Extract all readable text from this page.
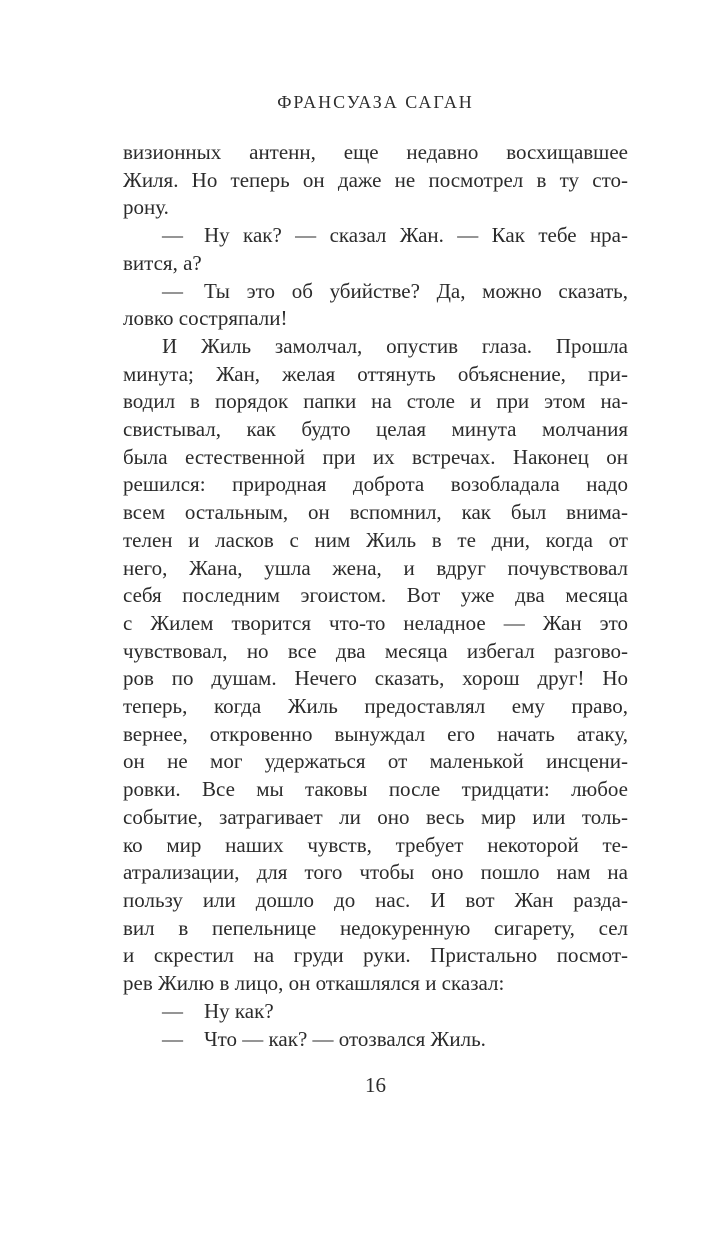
ФРАНСУАЗА САГАН
визионных антенн, еще недавно восхищавшее
Жиля. Но теперь он даже не посмотрел в ту сто-
рону.
— Ну как? — сказал Жан. — Как тебе нра-
вится, а?
— Ты это об убийстве? Да, можно сказать,
ловко состряпали!
И Жиль замолчал, опустив глаза. Прошла
минута; Жан, желая оттянуть объяснение, при-
водил в порядок папки на столе и при этом на-
свистывал, как будто целая минута молчания
была естественной при их встречах. Наконец он
решился: природная доброта возобладала надо
всем остальным, он вспомнил, как был внима-
телен и ласков с ним Жиль в те дни, когда от
него, Жана, ушла жена, и вдруг почувствовал
себя последним эгоистом. Вот уже два месяца
с Жилем творится что-то неладное — Жан это
чувствовал, но все два месяца избегал разгово-
ров по душам. Нечего сказать, хорош друг! Но
теперь, когда Жиль предоставлял ему право,
вернее, откровенно вынуждал его начать атаку,
он не мог удержаться от маленькой инсцени-
ровки. Все мы таковы после тридцати: любое
событие, затрагивает ли оно весь мир или толь-
ко мир наших чувств, требует некоторой те-
атрализации, для того чтобы оно пошло нам на
пользу или дошло до нас. И вот Жан разда-
вил в пепельнице недокуренную сигарету, сел
и скрестил на груди руки. Пристально посмот-
рев Жилю в лицо, он откашлялся и сказал:
— Ну как?
— Что — как? — отозвался Жиль.
16
